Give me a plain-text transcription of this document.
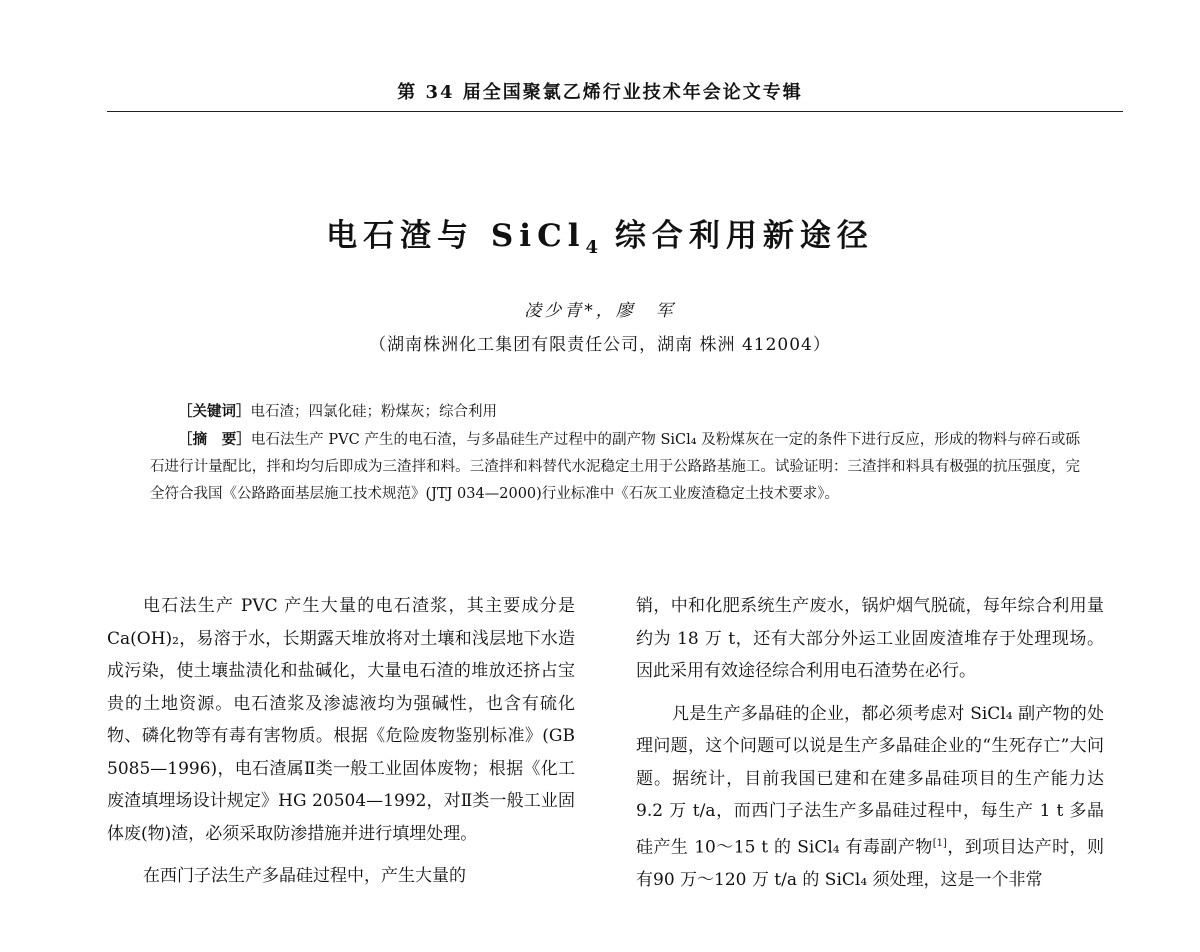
第 34 届全国聚氯乙烯行业技术年会论文专辑
电石渣与 SiCl$_4$ 综合利用新途径
凌少青*，廖　军
（湖南株洲化工集团有限责任公司，湖南 株洲 412004）

［关键词］电石渣；四氯化硅；粉煤灰；综合利用

［摘　要］电石法生产 PVC 产生的电石渣，与多晶硅生产过程中的副产物 SiCl₄ 及粉煤灰在一定的条件下进行反应，形成的物料与碎石或砾石进行计量配比，拌和均匀后即成为三渣拌和料。三渣拌和料替代水泥稳定土用于公路路基施工。试验证明：三渣拌和料具有极强的抗压强度，完全符合我国《公路路面基层施工技术规范》(JTJ 034—2000)行业标准中《石灰工业废渣稳定土技术要求》。

电石法生产 PVC 产生大量的电石渣浆，其主要成分是 Ca(OH)₂，易溶于水，长期露天堆放将对土壤和浅层地下水造成污染，使土壤盐渍化和盐碱化，大量电石渣的堆放还挤占宝贵的土地资源。电石渣浆及渗滤液均为强碱性，也含有硫化物、磷化物等有毒有害物质。根据《危险废物鉴别标准》(GB 5085—1996)，电石渣属Ⅱ类一般工业固体废物；根据《化工废渣填埋场设计规定》HG 20504—1992，对Ⅱ类一般工业固体废(物)渣，必须采取防渗措施并进行填埋处理。

在西门子法生产多晶硅过程中，产生大量的

销，中和化肥系统生产废水，锅炉烟气脱硫，每年综合利用量约为 18 万 t，还有大部分外运工业固废渣堆存于处理现场。因此采用有效途径综合利用电石渣势在必行。

凡是生产多晶硅的企业，都必须考虑对 SiCl₄ 副产物的处理问题，这个问题可以说是生产多晶硅企业的“生死存亡”大问题。据统计，目前我国已建和在建多晶硅项目的生产能力达 9.2 万 t/a，而西门子法生产多晶硅过程中，每生产 1 t 多晶硅产生 10～15 t 的 SiCl₄ 有毒副产物[1]，到项目达产时，则有90 万～120 万 t/a 的 SiCl₄ 须处理，这是一个非常
